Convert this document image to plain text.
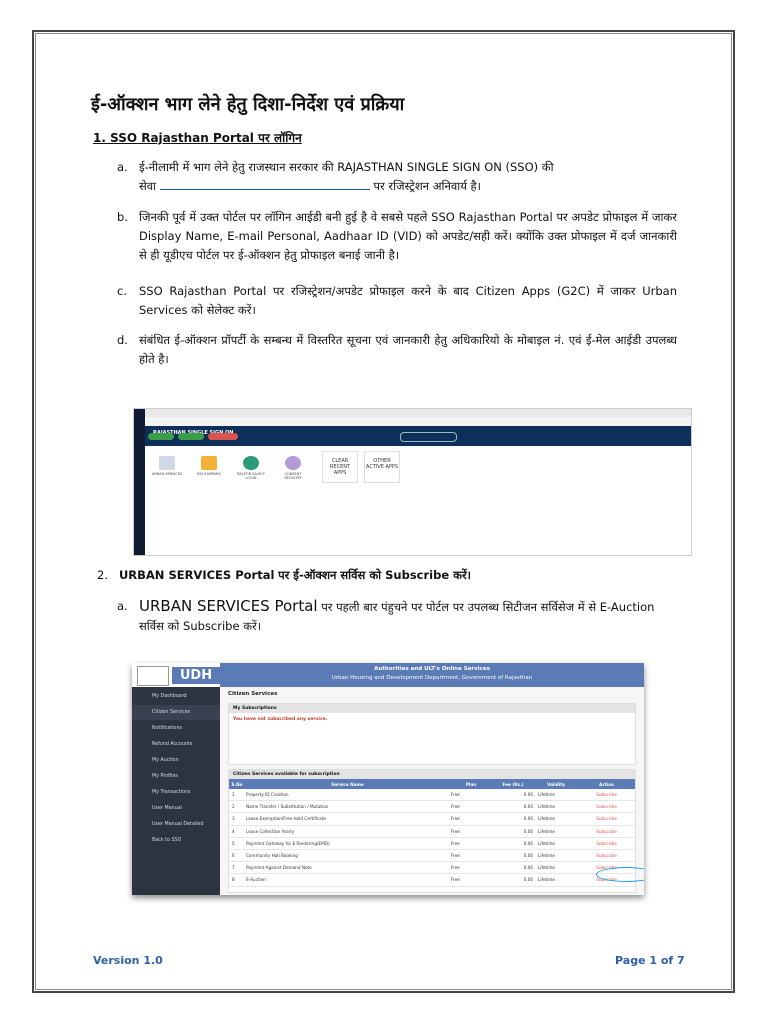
ई-ऑक्शन भाग लेने हेतु दिशा-निर्देश एवं प्रक्रिया
1. SSO Rajasthan Portal पर लॉगिन
a. ई-नीलामी में भाग लेने हेतु राजस्थान सरकार की RAJASTHAN SINGLE SIGN ON (SSO) की
सेवा	पर रजिस्ट्रेशन अनिवार्य है।
b. जिनकी पूर्व में उक्त पोर्टल पर लॉगिन आईडी बनी हुई है वे सबसे पहले SSO Rajasthan Portal पर अपडेट प्रोफाइल में जाकर Display Name, E-mail Personal, Aadhaar ID (VID) को अपडेट/सही करें। क्योंकि उक्त प्रोफाइल में दर्ज जानकारी से ही यूडीएच पोर्टल पर ई-ऑक्शन हेतु प्रोफाइल बनाई जानी है।
c.	SSO Rajasthan Portal पर रजिस्ट्रेशन/अपडेट प्रोफाइल करने के बाद Citizen Apps (G2C) में जाकर Urban Services को सेलेक्ट करें।
d. संबंधित ई-ऑक्शन प्रॉपर्टी के सम्बन्ध में विस्तरित सूचना एवं जानकारी हेतु अधिकारियो के मोबाइल नं. एवं ई-मेल आईडी उपलब्ध होते है।
URBAN SERVICES	RAJ SAMPARK	RAJ-FOR SA-KUT LOGIN
CONSENT REGISTRY
CLEAR RECENT APPS
OTHER ACTIVE APPS
2. URBAN SERVICES Portal पर ई-ऑक्शन सर्विस को Subscribe करें।
a. URBAN SERVICES Portal पर पहली बार पंहुचने पर पोर्टल पर उपलब्ध सिटीजन सर्विसेज में से E-Auction सर्विस को Subscribe करें।
UDH	Authorities and ULT's Online Services
Urban Housing and Development Department, Government of Rajasthan
My Dashboard
Citizen Services
Notifications
Refund Accounts
My Auction
My Profiles
My Transactions
User Manual
User Manual Detailed
Back to SSO
Citizen Services
My Subscriptions
You have not subscribed any service.
Citizen Services available for subscription
S.No	Service Name	Plan	Fee (Rs.)	Validity	Action
1	Property ID Creation	Free	0.00	Lifetime	Subscribe
2	Name Transfer / Substitution / Mutation	Free	0.00	Lifetime	Subscribe
3	Lease Exemption/Free Hold Certificate	Free	0.00	Lifetime	Subscribe
4	Lease Collection Yearly	Free	0.00	Lifetime	Subscribe
5	Payment Gateway for E-Tendering(EMD)	Free	0.00	Lifetime	Subscribe
6	Community Hall Booking	Free	0.00	Lifetime	Subscribe
7	Payment Against Demand Note	Free	0.00	Lifetime	Subscribe
8	E-Auction	Free	0.00	Lifetime	Subscribe
Version 1.0	Page 1 of 7
